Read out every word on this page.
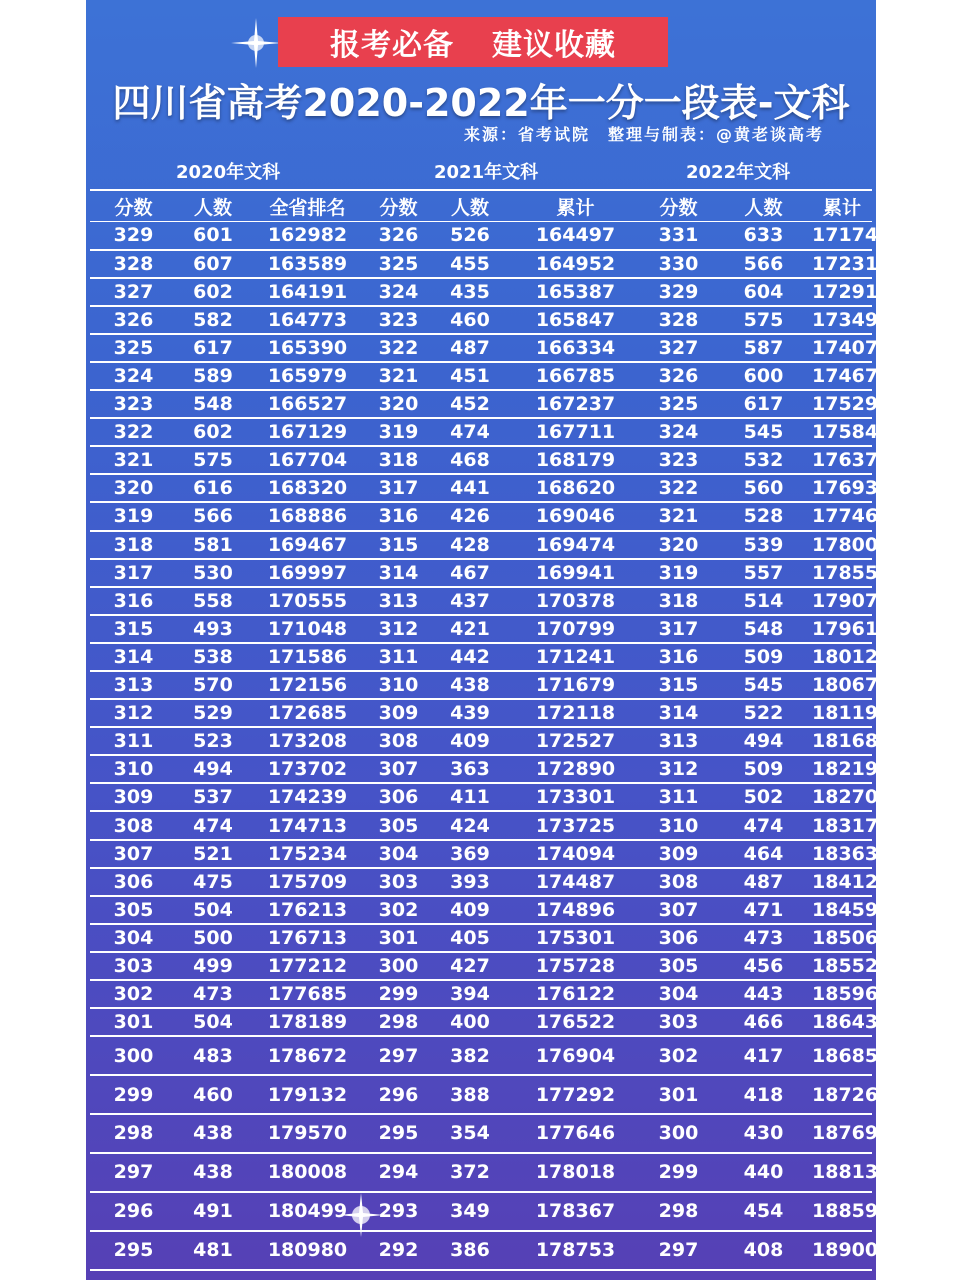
报考必备 建议收藏
四川省高考2020-2022年一分一段表-文科
来源：省考试院　整理与制表：@黄老谈高考
2020年文科	2021年文科	2022年文科
分数	人数	全省排名	分数	人数	累计	分数	人数	累计
329	601	162982	326	526	164497	331	633	171747
328	607	163589	325	455	164952	330	566	172313
327	602	164191	324	435	165387	329	604	172917
326	582	164773	323	460	165847	328	575	173492
325	617	165390	322	487	166334	327	587	174079
324	589	165979	321	451	166785	326	600	174679
323	548	166527	320	452	167237	325	617	175296
322	602	167129	319	474	167711	324	545	175841
321	575	167704	318	468	168179	323	532	176373
320	616	168320	317	441	168620	322	560	176933
319	566	168886	316	426	169046	321	528	177461
318	581	169467	315	428	169474	320	539	178000
317	530	169997	314	467	169941	319	557	178557
316	558	170555	313	437	170378	318	514	179071
315	493	171048	312	421	170799	317	548	179619
314	538	171586	311	442	171241	316	509	180128
313	570	172156	310	438	171679	315	545	180673
312	529	172685	309	439	172118	314	522	181195
311	523	173208	308	409	172527	313	494	181689
310	494	173702	307	363	172890	312	509	182198
309	537	174239	306	411	173301	311	502	182700
308	474	174713	305	424	173725	310	474	183174
307	521	175234	304	369	174094	309	464	183638
306	475	175709	303	393	174487	308	487	184125
305	504	176213	302	409	174896	307	471	184596
304	500	176713	301	405	175301	306	473	185069
303	499	177212	300	427	175728	305	456	185525
302	473	177685	299	394	176122	304	443	185968
301	504	178189	298	400	176522	303	466	186434
300	483	178672	297	382	176904	302	417	186851
299	460	179132	296	388	177292	301	418	187269
298	438	179570	295	354	177646	300	430	187699
297	438	180008	294	372	178018	299	440	188139
296	491	180499	293	349	178367	298	454	188593
295	481	180980	292	386	178753	297	408	189001
